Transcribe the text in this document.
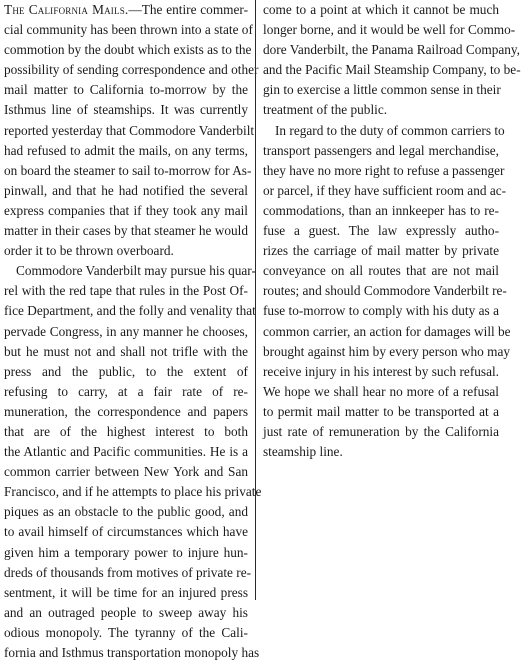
The California Mails.—The entire commer-
cial community has been thrown into a state of
commotion by the doubt which exists as to the
possibility of sending correspondence and other
mail matter to California to-morrow by the
Isthmus line of steamships. It was currently
reported yesterday that Commodore Vanderbilt
had refused to admit the mails, on any terms,
on board the steamer to sail to-morrow for As-
pinwall, and that he had notified the several
express companies that if they took any mail
matter in their cases by that steamer he would
order it to be thrown overboard.
Commodore Vanderbilt may pursue his quar-
rel with the red tape that rules in the Post Of-
fice Department, and the folly and venality that
pervade Congress, in any manner he chooses,
but he must not and shall not trifle with the
press and the public, to the extent of
refusing to carry, at a fair rate of re-
muneration, the correspondence and papers
that are of the highest interest to both
the Atlantic and Pacific communities. He is a
common carrier between New York and San
Francisco, and if he attempts to place his private
piques as an obstacle to the public good, and
to avail himself of circumstances which have
given him a temporary power to injure hun-
dreds of thousands from motives of private re-
sentment, it will be time for an injured press
and an outraged people to sweep away his
odious monopoly. The tyranny of the Cali-
fornia and Isthmus transportation monopoly has
come to a point at which it cannot be much
longer borne, and it would be well for Commo-
dore Vanderbilt, the Panama Railroad Company,
and the Pacific Mail Steamship Company, to be-
gin to exercise a little common sense in their
treatment of the public.
In regard to the duty of common carriers to
transport passengers and legal merchandise,
they have no more right to refuse a passenger
or parcel, if they have sufficient room and ac-
commodations, than an innkeeper has to re-
fuse a guest. The law expressly autho-
rizes the carriage of mail matter by private
conveyance on all routes that are not mail
routes; and should Commodore Vanderbilt re-
fuse to-morrow to comply with his duty as a
common carrier, an action for damages will be
brought against him by every person who may
receive injury in his interest by such refusal.
We hope we shall hear no more of a refusal
to permit mail matter to be transported at a
just rate of remuneration by the California
steamship line.
